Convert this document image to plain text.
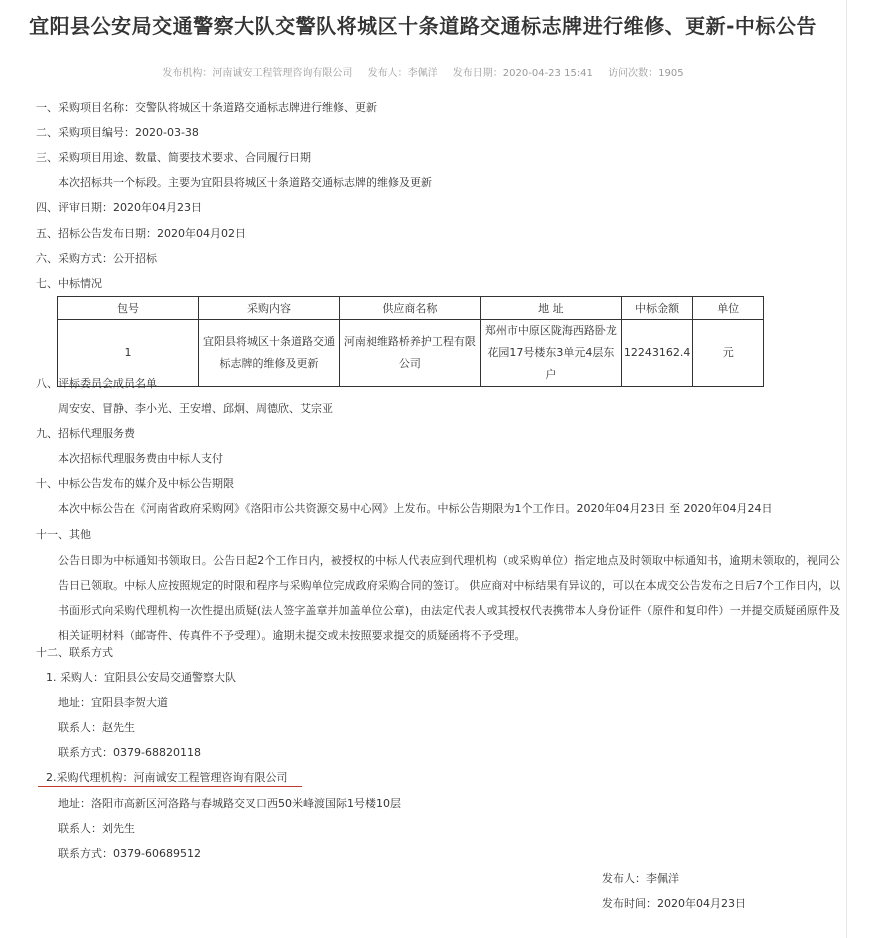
宜阳县公安局交通警察大队交警队将城区十条道路交通标志牌进行维修、更新-中标公告
发布机构：河南诚安工程管理咨询有限公司 发布人：李佩洋 发布日期：2020-04-23 15:41 访问次数：1905
一、采购项目名称：交警队将城区十条道路交通标志牌进行维修、更新
二、采购项目编号：2020-03-38
三、采购项目用途、数量、简要技术要求、合同履行日期
本次招标共一个标段。主要为宜阳县将城区十条道路交通标志牌的维修及更新
四、评审日期：2020年04月23日
五、招标公告发布日期：2020年04月02日
六、采购方式：公开招标
七、中标情况
包号	采购内容	供应商名称	地 址	中标金额	单位
1	宜阳县将城区十条道路交通标志牌的维修及更新	河南昶维路桥养护工程有限公司	郑州市中原区陇海西路卧龙花园17号楼东3单元4层东户	12243162.4	元
八、评标委员会成员名单
周安安、冒静、李小光、王安增、邱炯、周德欣、艾宗亚
九、招标代理服务费
本次招标代理服务费由中标人支付
十、中标公告发布的媒介及中标公告期限
本次中标公告在《河南省政府采购网》《洛阳市公共资源交易中心网》上发布。中标公告期限为1个工作日。2020年04月23日 至 2020年04月24日
十一、其他
公告日即为中标通知书领取日。公告日起2个工作日内，被授权的中标人代表应到代理机构（或采购单位）指定地点及时领取中标通知书，逾期未领取的，视同公告日已领取。中标人应按照规定的时限和程序与采购单位完成政府采购合同的签订。 供应商对中标结果有异议的，可以在本成交公告发布之日后7个工作日内，以书面形式向采购代理机构一次性提出质疑(法人签字盖章并加盖单位公章)，由法定代表人或其授权代表携带本人身份证件（原件和复印件）一并提交质疑函原件及相关证明材料（邮寄件、传真件不予受理）。逾期未提交或未按照要求提交的质疑函将不予受理。
十二、联系方式
1. 采购人：宜阳县公安局交通警察大队
地址：宜阳县李贺大道
联系人：赵先生
联系方式：0379-68820118
2.采购代理机构：河南诚安工程管理咨询有限公司
地址：洛阳市高新区河洛路与春城路交叉口西50米峰渡国际1号楼10层
联系人：刘先生
联系方式：0379-60689512
发布人：李佩洋
发布时间：2020年04月23日
